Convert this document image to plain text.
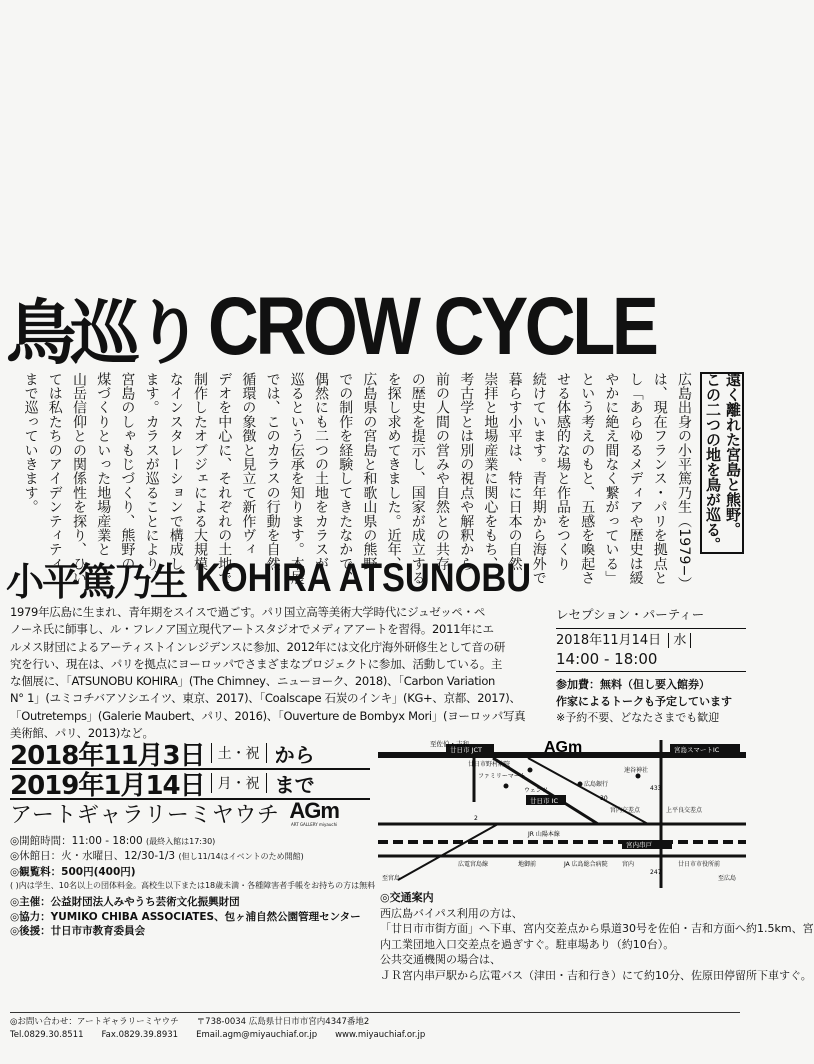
鳥巡り CROW CYCLE
遠く離れた宮島と熊野。
この二つの地を鳥が巡る。
広島出身の小平篤乃生（1979−）
は、現在フランス・パリを拠点と
し「あらゆるメディアや歴史は緩
やかに絶え間なく繋がっている」
という考えのもと、五感を喚起さ
せる体感的な場と作品をつくり
続けています。青年期から海外で
暮らす小平は、特に日本の自然
崇拝と地場産業に関心をもち、
考古学とは別の視点や解釈から
前の人間の営みや自然との共存
の歴史を提示し、国家が成立する
を探し求めてきました。近年、
広島県の宮島と和歌山県の熊野
での制作を経験してきたなかで、
偶然にも二つの土地をカラスが
巡るという伝承を知ります。本展
では、このカラスの行動を自然
循環の象徴と見立て新作ヴィ
デオを中心に、それぞれの土地で
制作したオブジェによる大規模
なインスタレーションで構成し
ます。カラスが巡ることにより、
宮島のしゃもじづくり、熊野の
煤づくりといった地場産業と
山岳信仰との関係性を探り、ひい
ては私たちのアイデンティティ
まで巡っていきます。
小平篤乃生 KOHIRA ATSUNOBU

1979年広島に生まれ、青年期をスイスで過ごす。パリ国立高等美術大学時代にジュゼッペ・ペ

ノーネ氏に師事し、ル・フレノア国立現代アートスタジオでメディアアートを習得。2011年にエ

ルメス財団によるアーティストインレジデンスに参加、2012年には文化庁海外研修生として音の研

究を行い、現在は、パリを拠点にヨーロッパでさまざまなプロジェクトに参加、活動している。主

な個展に、「ATSUNOBU KOHIRA」(The Chimney、ニューヨーク、2018)、「Carbon Variation

N° 1」(ユミコチバアソシエイツ、東京、2017)、「Coalscape 石炭のインキ」(KG+、京都、2017)、

「Outretemps」(Galerie Maubert、パリ、2016)、「Ouverture de Bombyx Mori」(ヨーロッパ写真

美術館、パリ、2013)など。

レセプション・パーティー
2018年11月14日 水
14:00 - 18:00
参加費：無料（但し要入館券）
作家によるトークも予定しています
※予約不要、どなたさまでも歓迎
2018年11月3日 土・祝 から
2019年1月14日 月・祝 まで
アートギャラリーミヤウチ AGm
ART GALLERY miyauchi
◎開館時間：11:00 - 18:00 (最終入館は17:30)
◎休館日：火・水曜日、12/30-1/3 (但し11/14はイベントのため開館)
◎観覧料：500円(400円)
( )内は学生、10名以上の団体料金。高校生以下または18歳未満・各種障害者手帳をお持ちの方は無料
◎主催：公益財団法人みやうち芸術文化振興財団
◎協力：YUMIKO CHIBA ASSOCIATES、包ヶ浦自然公園管理センター
◎後援：廿日市市教育委員会
至佐伯・吉和
廿日市 JCT
廿日市野村病院
ファミリーマート
広島銀行
速谷神社
宮島スマートIC
廿日市 IC
ウェンツ
宮内交差点	上平良交差点
JR 山陽本線
宮内串戸
広電宮島線	地御前	JA 広島総合病院 宮内	廿日市市役所前
至宮島	至広島
2
30
433
247
AGm
◎交通案内
西広島バイパス利用の方は、
「廿日市市街方面」へ下車、宮内交差点から県道30号を佐伯・吉和方面へ約1.5km、宮
内工業団地入口交差点を過ぎすぐ。駐車場あり（約10台）。
公共交通機関の場合は、
ＪＲ宮内串戸駅から広電バス（津田・吉和行き）にて約10分、佐原田停留所下車すぐ。
◎お問い合わせ：アートギャラリーミヤウチ 〒738-0034 広島県廿日市市宮内4347番地2
Tel.0829.30.8511 Fax.0829.39.8931 Email.agm@miyauchiaf.or.jp www.miyauchiaf.or.jp
